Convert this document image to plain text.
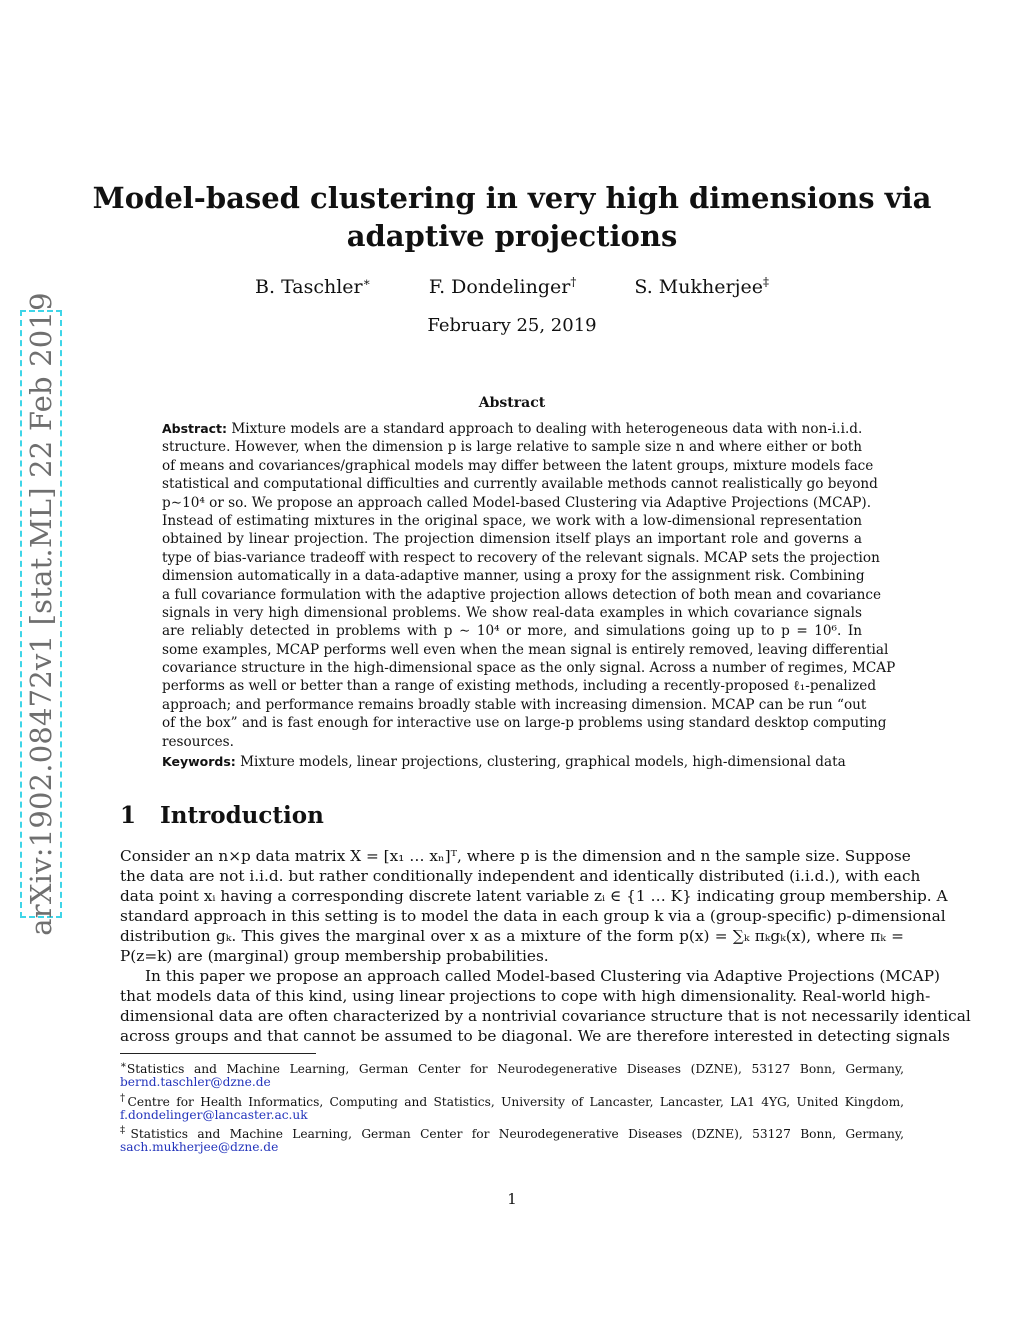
arXiv:1902.08472v1 [stat.ML] 22 Feb 2019
Model-based clustering in very high dimensions via
adaptive projections
B. Taschler∗	F. Dondelinger†	S. Mukherjee‡
February 25, 2019
Abstract
Abstract: Mixture models are a standard approach to dealing with heterogeneous data with non-i.i.d.
structure. However, when the dimension p is large relative to sample size n and where either or both
of means and covariances/graphical models may differ between the latent groups, mixture models face
statistical and computational difficulties and currently available methods cannot realistically go beyond
p∼10⁴ or so. We propose an approach called Model-based Clustering via Adaptive Projections (MCAP).
Instead of estimating mixtures in the original space, we work with a low-dimensional representation
obtained by linear projection. The projection dimension itself plays an important role and governs a
type of bias-variance tradeoff with respect to recovery of the relevant signals. MCAP sets the projection
dimension automatically in a data-adaptive manner, using a proxy for the assignment risk. Combining
a full covariance formulation with the adaptive projection allows detection of both mean and covariance
signals in very high dimensional problems. We show real-data examples in which covariance signals
are reliably detected in problems with p ∼ 10⁴ or more, and simulations going up to p = 10⁶. In
some examples, MCAP performs well even when the mean signal is entirely removed, leaving differential
covariance structure in the high-dimensional space as the only signal. Across a number of regimes, MCAP
performs as well or better than a range of existing methods, including a recently-proposed ℓ₁-penalized
approach; and performance remains broadly stable with increasing dimension. MCAP can be run “out
of the box” and is fast enough for interactive use on large-p problems using standard desktop computing
resources.
Keywords: Mixture models, linear projections, clustering, graphical models, high-dimensional data
1 Introduction
Consider an n×p data matrix X = [x₁ … xₙ]ᵀ, where p is the dimension and n the sample size. Suppose
the data are not i.i.d. but rather conditionally independent and identically distributed (i.i.d.), with each
data point xᵢ having a corresponding discrete latent variable zᵢ ∈ {1 … K} indicating group membership. A
standard approach in this setting is to model the data in each group k via a (group-specific) p-dimensional
distribution gₖ. This gives the marginal over x as a mixture of the form p(x) = ∑ₖ πₖgₖ(x), where πₖ =
P(z=k) are (marginal) group membership probabilities.
In this paper we propose an approach called Model-based Clustering via Adaptive Projections (MCAP)
that models data of this kind, using linear projections to cope with high dimensionality. Real-world high-
dimensional data are often characterized by a nontrivial covariance structure that is not necessarily identical
across groups and that cannot be assumed to be diagonal. We are therefore interested in detecting signals
∗Statistics and Machine Learning, German Center for Neurodegenerative Diseases (DZNE), 53127 Bonn, Germany,
bernd.taschler@dzne.de
†Centre for Health Informatics, Computing and Statistics, University of Lancaster, Lancaster, LA1 4YG, United Kingdom,
f.dondelinger@lancaster.ac.uk
‡Statistics and Machine Learning, German Center for Neurodegenerative Diseases (DZNE), 53127 Bonn, Germany,
sach.mukherjee@dzne.de
1
